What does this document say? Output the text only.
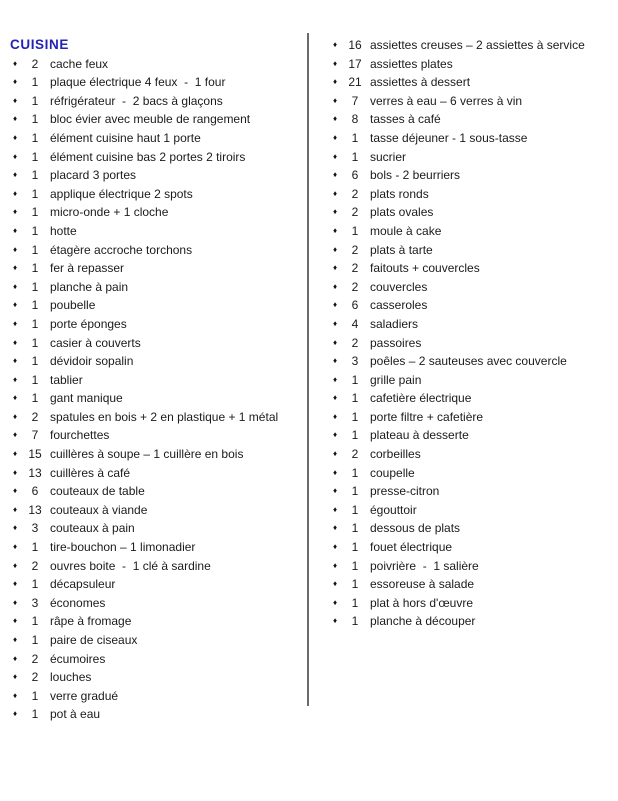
CUISINE
♦	2 cache feux
♦	1 plaque électrique 4 feux  -  1 four
♦	1 réfrigérateur  -  2 bacs à glaçons
♦	1 bloc évier avec meuble de rangement
♦	1 élément cuisine haut 1 porte
♦	1 élément cuisine bas 2 portes 2 tiroirs
♦	1 placard 3 portes
♦	1 applique électrique 2 spots
♦	1 micro-onde + 1 cloche
♦	1 hotte
♦	1 étagère accroche torchons
♦	1 fer à repasser
♦	1 planche à pain
♦	1 poubelle
♦	1 porte éponges
♦	1 casier à couverts
♦	1 dévidoir sopalin
♦	1 tablier
♦	1 gant manique
♦	2 spatules en bois + 2 en plastique + 1 métal
♦	7 fourchettes
♦ 15 cuillères à soupe – 1 cuillère en bois
♦ 13 cuillères à café
♦	6 couteaux de table
♦ 13 couteaux à viande
♦	3 couteaux à pain
♦	1 tire-bouchon – 1 limonadier
♦	2 ouvres boite  -  1 clé à sardine
♦	1 décapsuleur
♦	3 économes
♦	1 râpe à fromage
♦	1 paire de ciseaux
♦	2 écumoires
♦	2 louches
♦	1 verre gradué
♦	1 pot à eau
♦ 16 assiettes creuses – 2 assiettes à service
♦ 17 assiettes plates
♦ 21 assiettes à dessert
♦	7 verres à eau – 6 verres à vin
♦	8 tasses à café
♦	1 tasse déjeuner - 1 sous-tasse
♦	1 sucrier
♦	6 bols - 2 beurriers
♦	2 plats ronds
♦	2 plats ovales
♦	1 moule à cake
♦	2 plats à tarte
♦	2 faitouts + couvercles
♦	2 couvercles
♦	6 casseroles
♦	4 saladiers
♦	2 passoires
♦	3 poêles – 2 sauteuses avec couvercle
♦	1 grille pain
♦	1 cafetière électrique
♦	1 porte filtre + cafetière
♦	1 plateau à desserte
♦	2 corbeilles
♦	1 coupelle
♦	1 presse-citron
♦	1 égouttoir
♦	1 dessous de plats
♦	1 fouet électrique
♦	1 poivrière  -  1 salière
♦	1 essoreuse à salade
♦	1 plat à hors d'œuvre
♦	1 planche à découper
